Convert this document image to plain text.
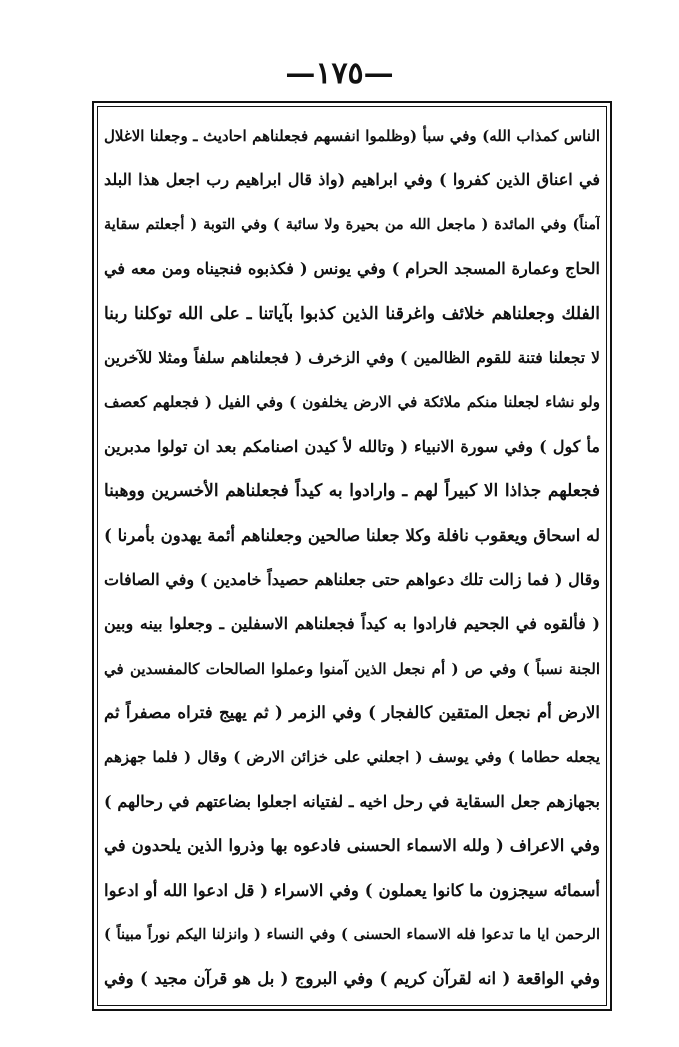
—١٧٥—
الناس كمذاب الله) وفي سبأ (وظلموا انفسهم فجعلناهم احاديث ـ وجعلنا الاغلال
في اعناق الذين كفروا ) وفي ابراهيم (واذ قال ابراهيم رب اجعل هذا البلد
آمناً) وفي المائدة ( ماجعل الله من بحيرة ولا سائبة ) وفي التوبة ( أجعلتم سقاية
الحاج وعمارة المسجد الحرام ) وفي يونس ( فكذبوه فنجيناه ومن معه في
الفلك وجعلناهم خلائف واغرقنا الذين كذبوا بآياتنا ـ على الله توكلنا ربنا
لا تجعلنا فتنة للقوم الظالمين ) وفي الزخرف ( فجعلناهم سلفاً ومثلا للآخرين
ولو نشاء لجعلنا منكم ملائكة في الارض يخلفون ) وفي الفيل ( فجعلهم كعصف
مأ كول ) وفي سورة الانبياء ( وتالله لأ كيدن اصنامكم بعد ان تولوا مدبرين
فجعلهم جذاذا الا كبيراً لهم ـ وارادوا به كيداً فجعلناهم الأخسرين ووهبنا
له اسحاق ويعقوب نافلة وكلا جعلنا صالحين وجعلناهم أئمة يهدون بأمرنا )
وقال ( فما زالت تلك دعواهم حتى جعلناهم حصيداً خامدين ) وفي الصافات
( فألقوه في الجحيم فارادوا به كيداً فجعلناهم الاسفلين ـ وجعلوا بينه وبين
الجنة نسباً ) وفي ص ( أم نجعل الذين آمنوا وعملوا الصالحات كالمفسدين في
الارض أم نجعل المتقين كالفجار ) وفي الزمر ( ثم يهيج فتراه مصفراً ثم
يجعله حطاما ) وفي يوسف ( اجعلني على خزائن الارض ) وقال ( فلما جهزهم
بجهازهم جعل السقاية في رحل اخيه ـ لفتيانه اجعلوا بضاعتهم في رحالهم )
وفي الاعراف ( ولله الاسماء الحسنى فادعوه بها وذروا الذين يلحدون في
أسمائه سيجزون ما كانوا يعملون ) وفي الاسراء ( قل ادعوا الله أو ادعوا
الرحمن ايا ما تدعوا فله الاسماء الحسنى ) وفي النساء ( وانزلنا اليكم نوراً مبيناً )
وفي الواقعة ( انه لقرآن كريم ) وفي البروج ( بل هو قرآن مجيد ) وفي
